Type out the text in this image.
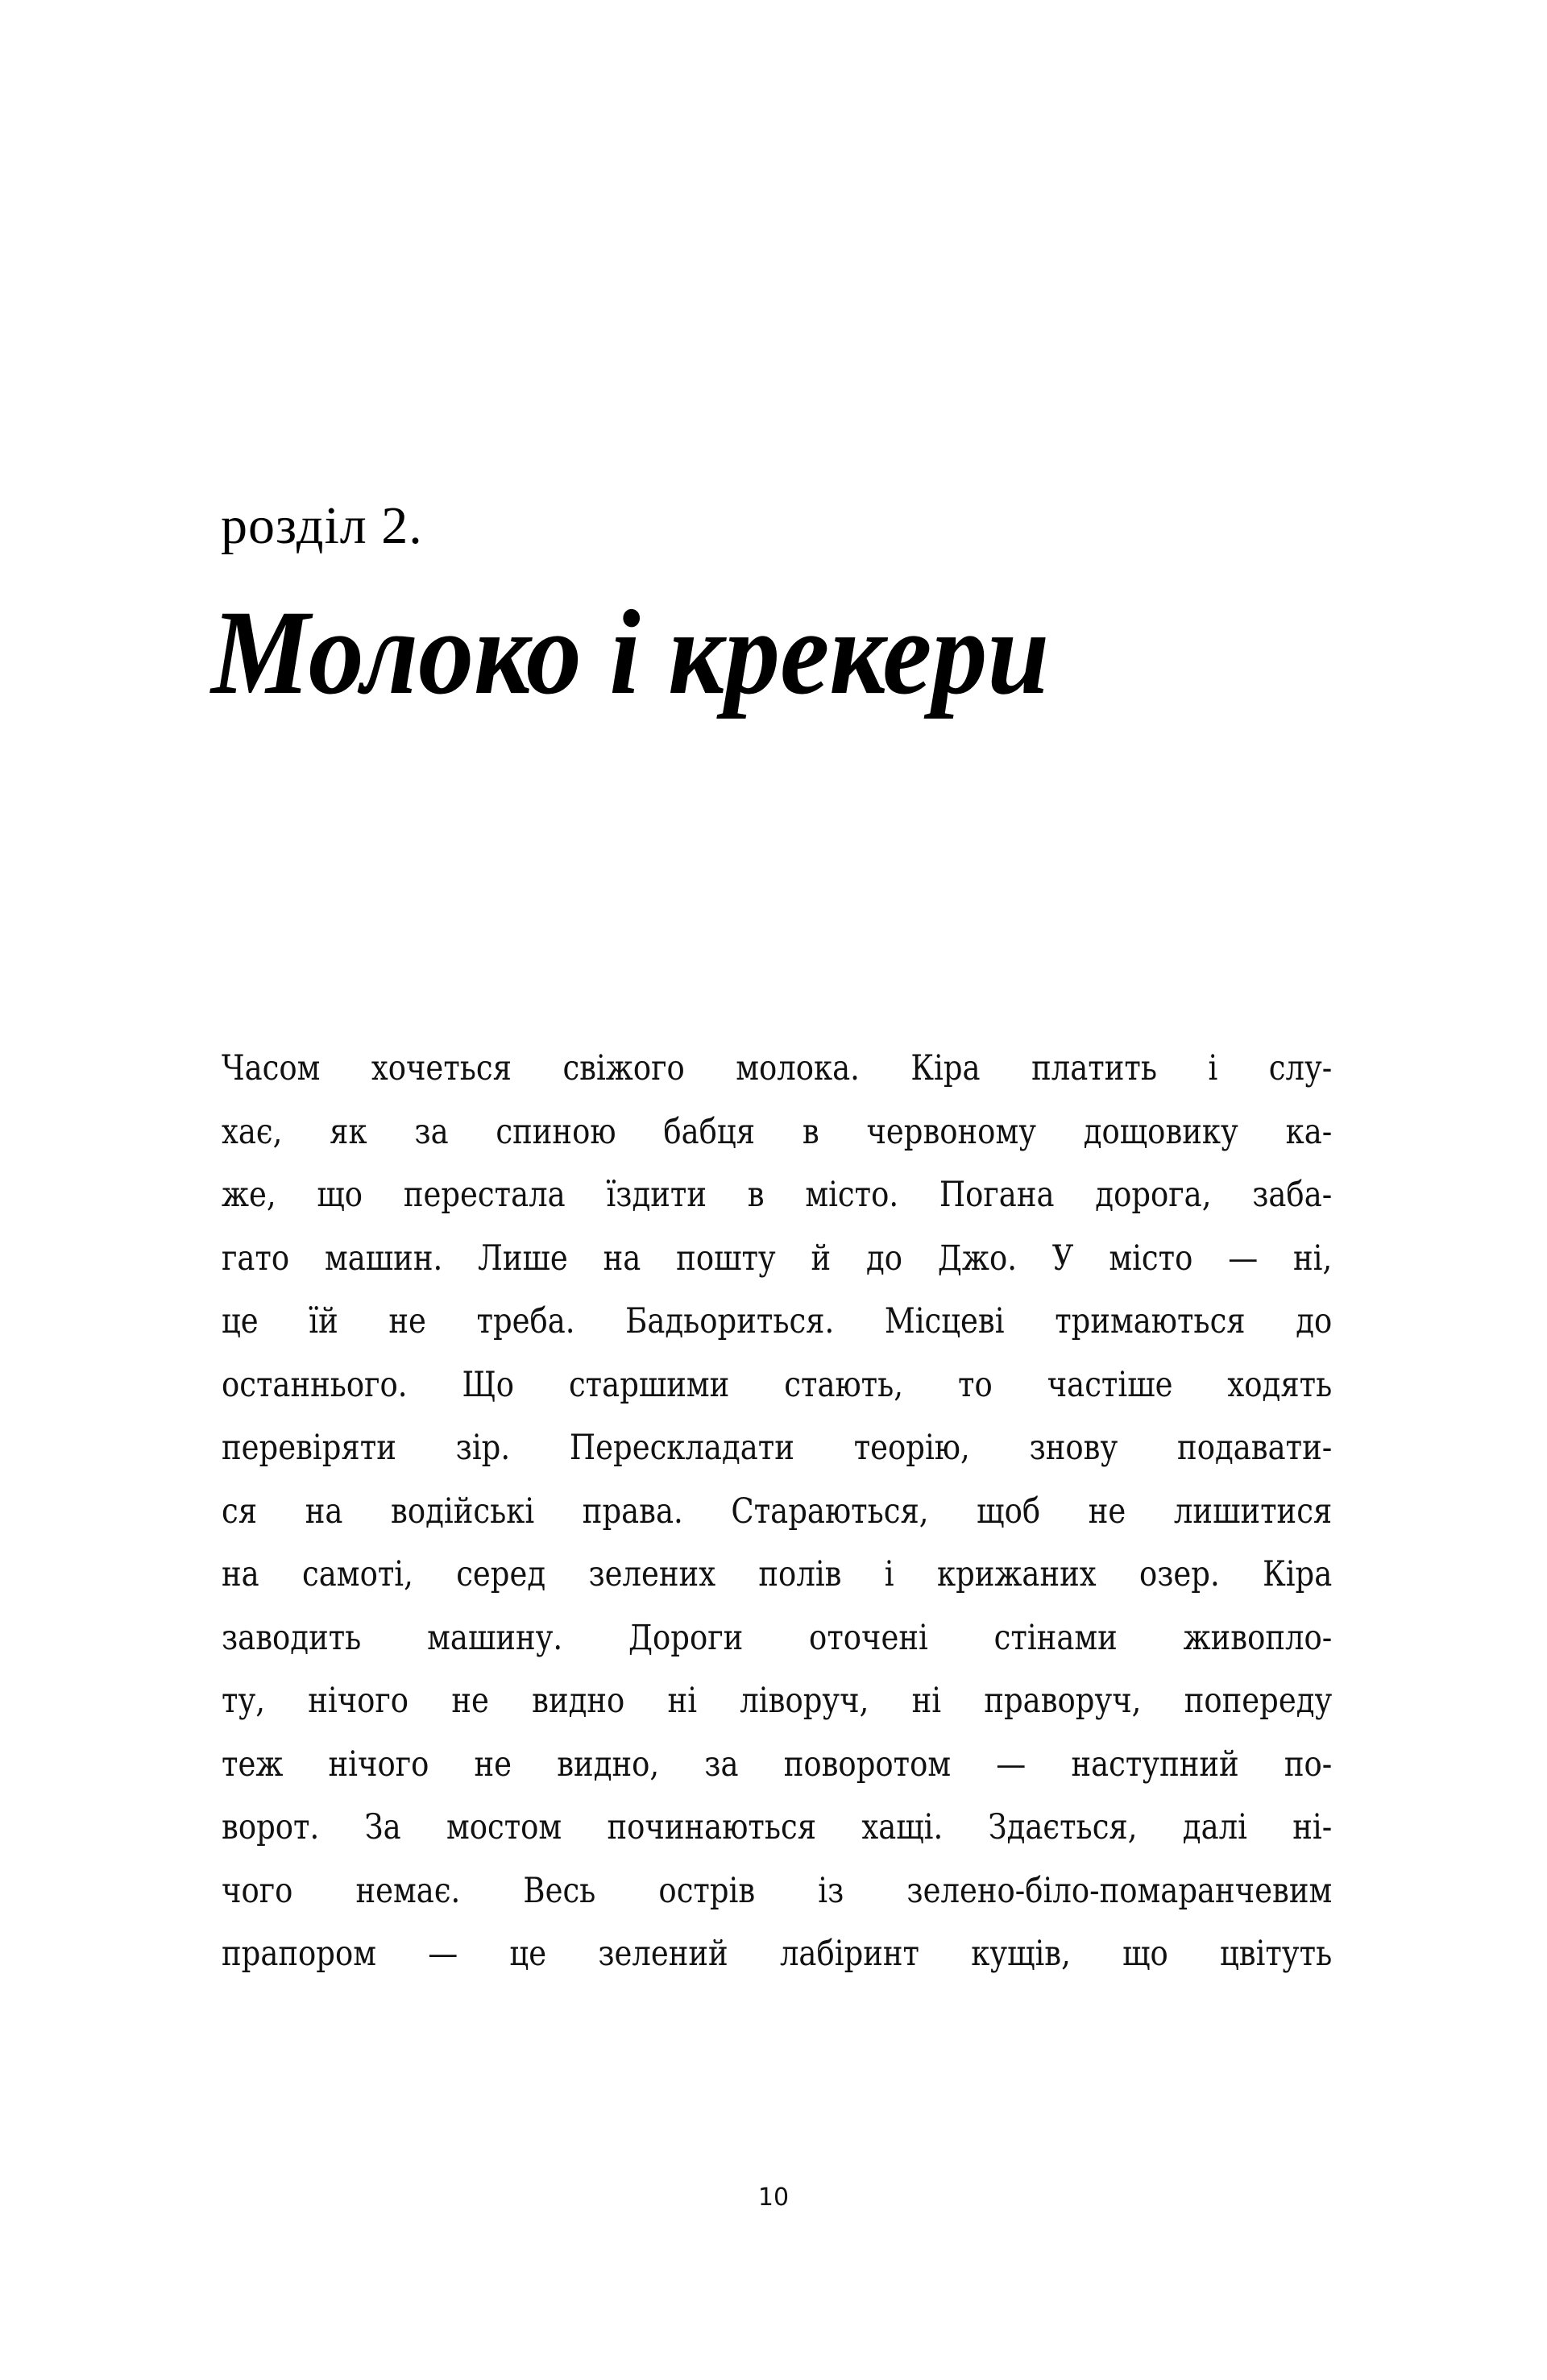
розділ 2.
Молоко і крекери
Часом хочеться свіжого молока. Кіра платить і слу-
хає, як за спиною бабця в червоному дощовику ка-
же, що перестала їздити в місто. Погана дорога, заба-
гато машин. Лише на пошту й до Джо. У місто — ні,
це їй не треба. Бадьориться. Місцеві тримаються до
останнього. Що старшими стають, то частіше ходять
перевіряти зір. Перескладати теорію, знову подавати-
ся на водійські права. Стараються, щоб не лишитися
на самоті, серед зелених полів і крижаних озер. Кіра
заводить машину. Дороги оточені стінами живопло-
ту, нічого не видно ні ліворуч, ні праворуч, попереду
теж нічого не видно, за поворотом — наступний по-
ворот. За мостом починаються хащі. Здається, далі ні-
чого немає. Весь острів із зелено-біло-помаранчевим
прапором — це зелений лабіринт кущів, що цвітуть
10
